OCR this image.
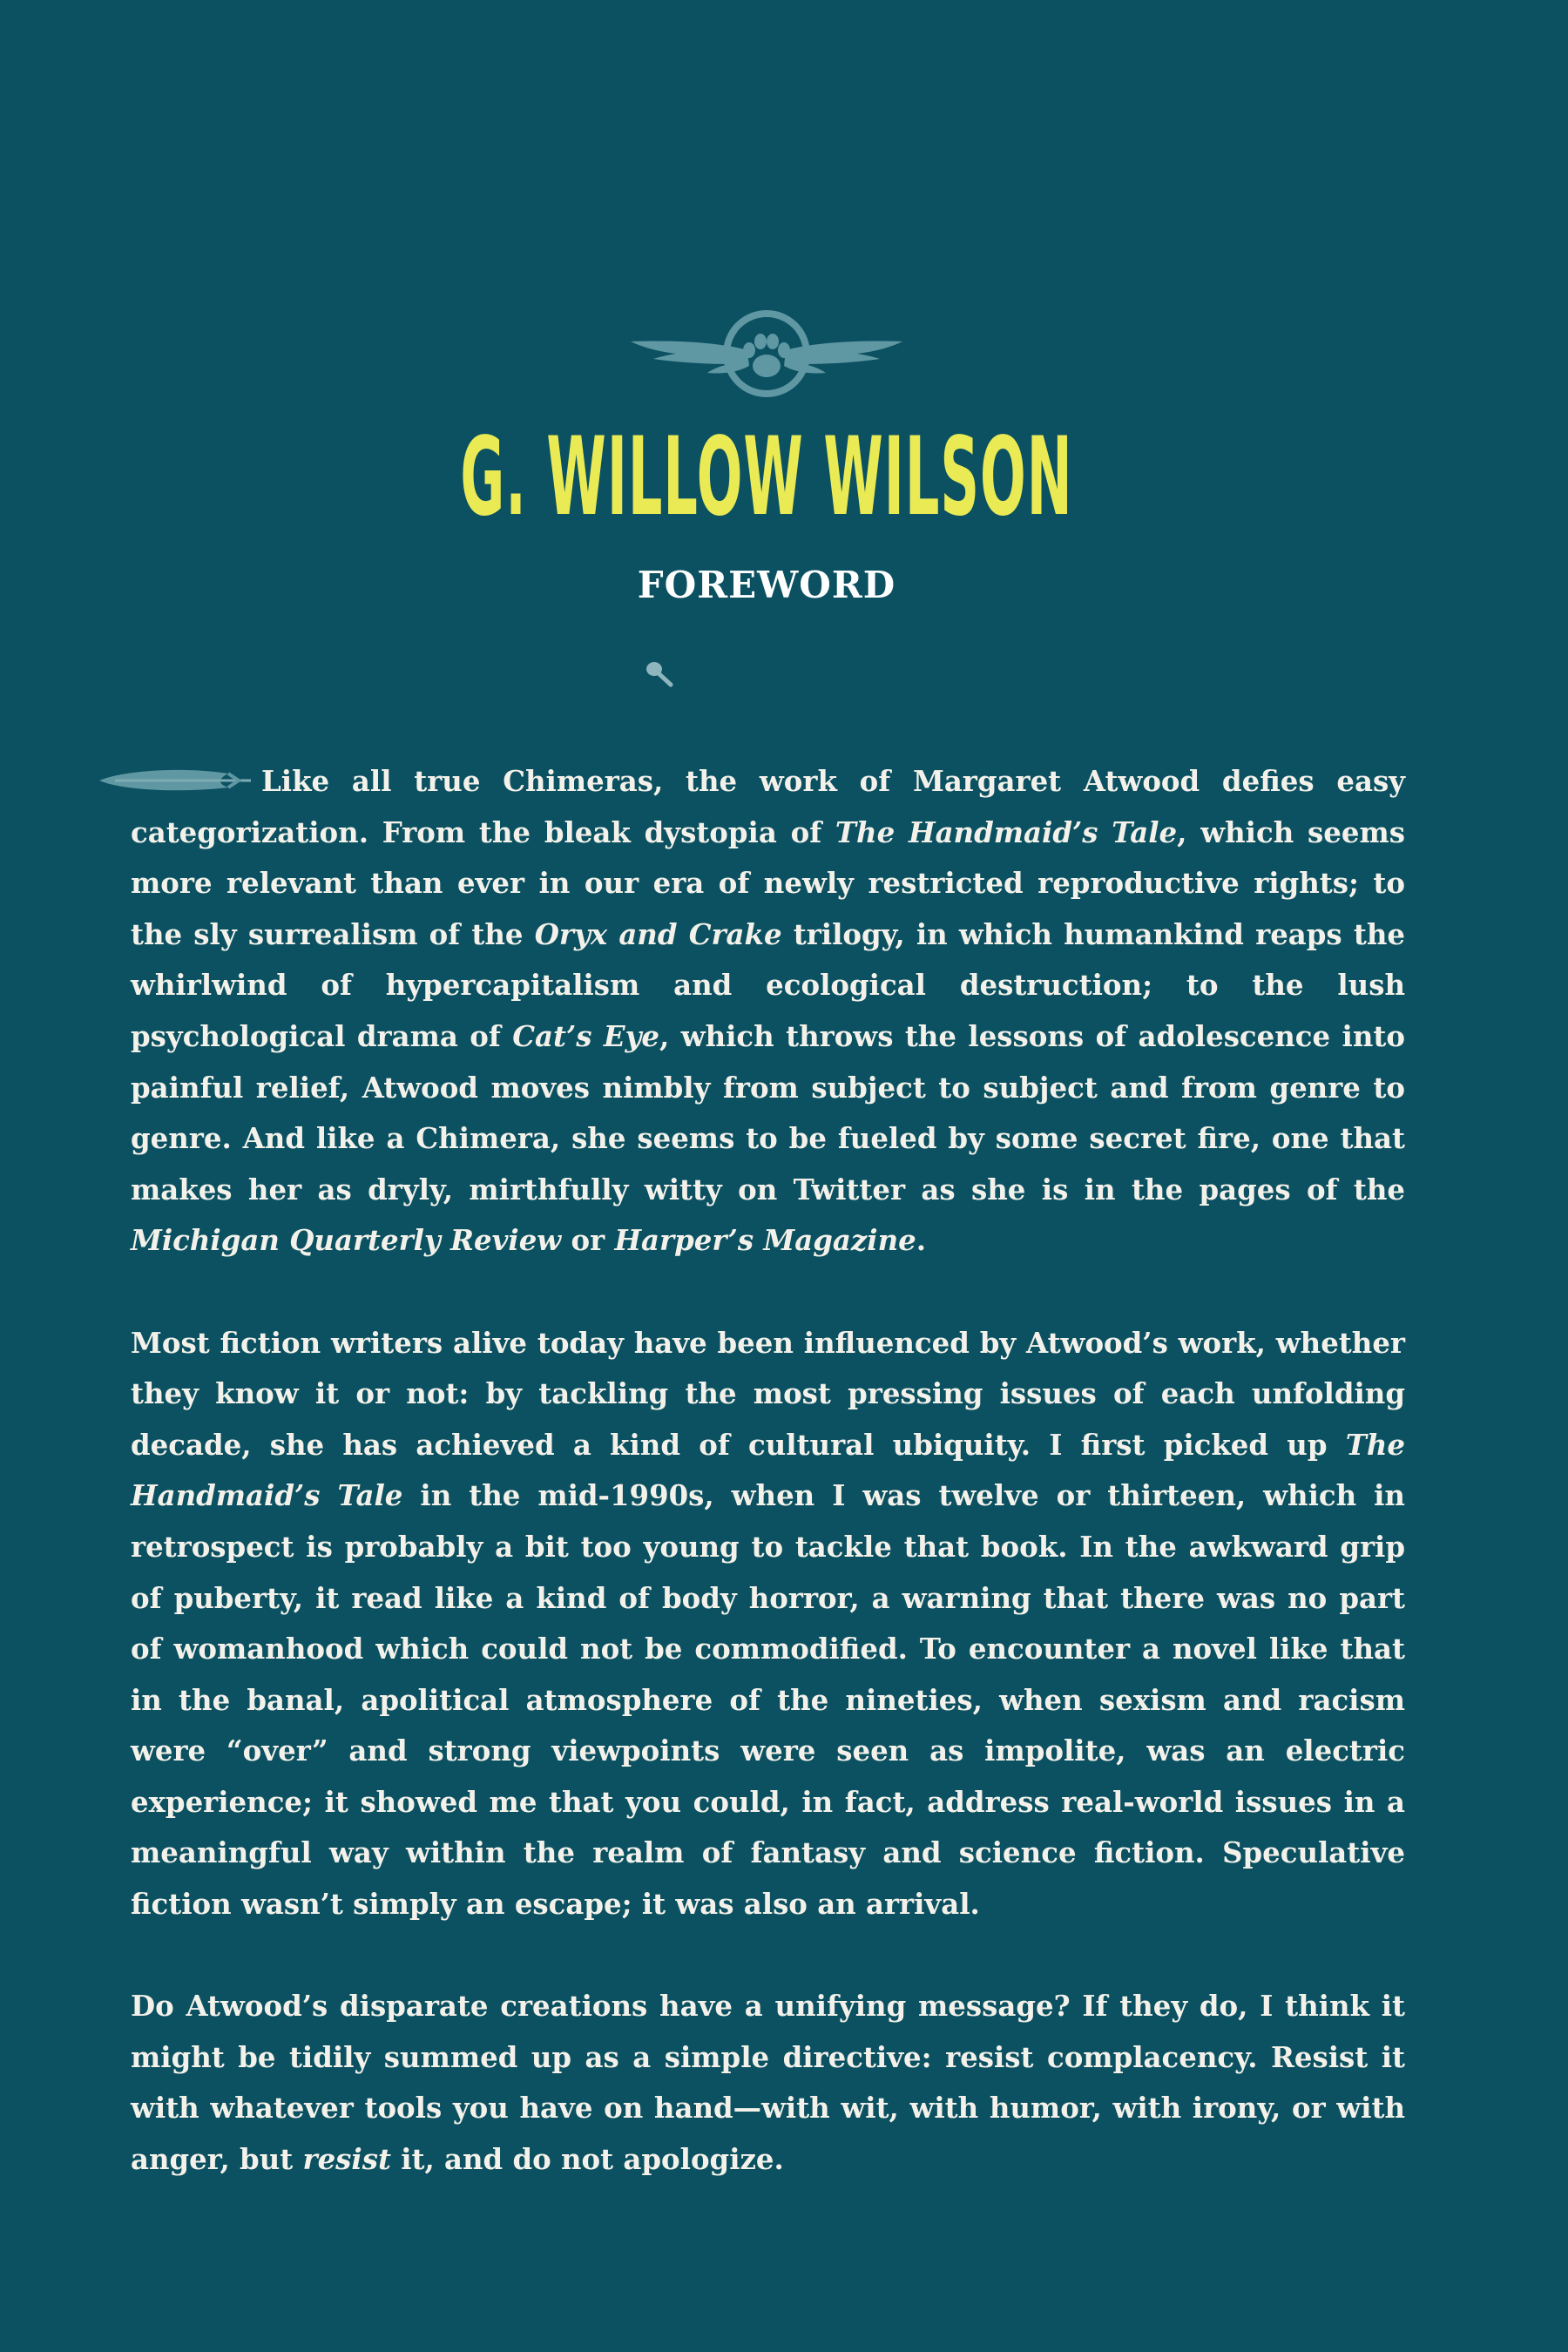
G. WILLOW WILSON
FOREWORD

Like all true Chimeras, the work of Margaret Atwood defies easy categorization. From the bleak dystopia of The Handmaid’s Tale, which seems more relevant than ever in our era of newly restricted reproductive rights; to the sly surrealism of the Oryx and Crake trilogy, in which humankind reaps the whirlwind of hypercapitalism and ecological destruction; to the lush psychological drama of Cat’s Eye, which throws the lessons of adolescence into painful relief, Atwood moves nimbly from subject to subject and from genre to genre. And like a Chimera, she seems to be fueled by some secret fire, one that makes her as dryly, mirthfully witty on Twitter as she is in the pages of the Michigan Quarterly Review or Harper’s Magazine.

Most fiction writers alive today have been influenced by Atwood’s work, whether they know it or not: by tackling the most pressing issues of each unfolding decade, she has achieved a kind of cultural ubiquity. I first picked up The Handmaid’s Tale in the mid-1990s, when I was twelve or thirteen, which in retrospect is probably a bit too young to tackle that book. In the awkward grip of puberty, it read like a kind of body horror, a warning that there was no part of womanhood which could not be commodified. To encounter a novel like that in the banal, apolitical atmosphere of the nineties, when sexism and racism were “over” and strong viewpoints were seen as impolite, was an electric experience; it showed me that you could, in fact, address real-world issues in a meaningful way within the realm of fantasy and science fiction. Speculative fiction wasn’t simply an escape; it was also an arrival.

Do Atwood’s disparate creations have a unifying message? If they do, I think it might be tidily summed up as a simple directive: resist complacency. Resist it with whatever tools you have on hand—with wit, with humor, with irony, or with anger, but resist it, and do not apologize.
